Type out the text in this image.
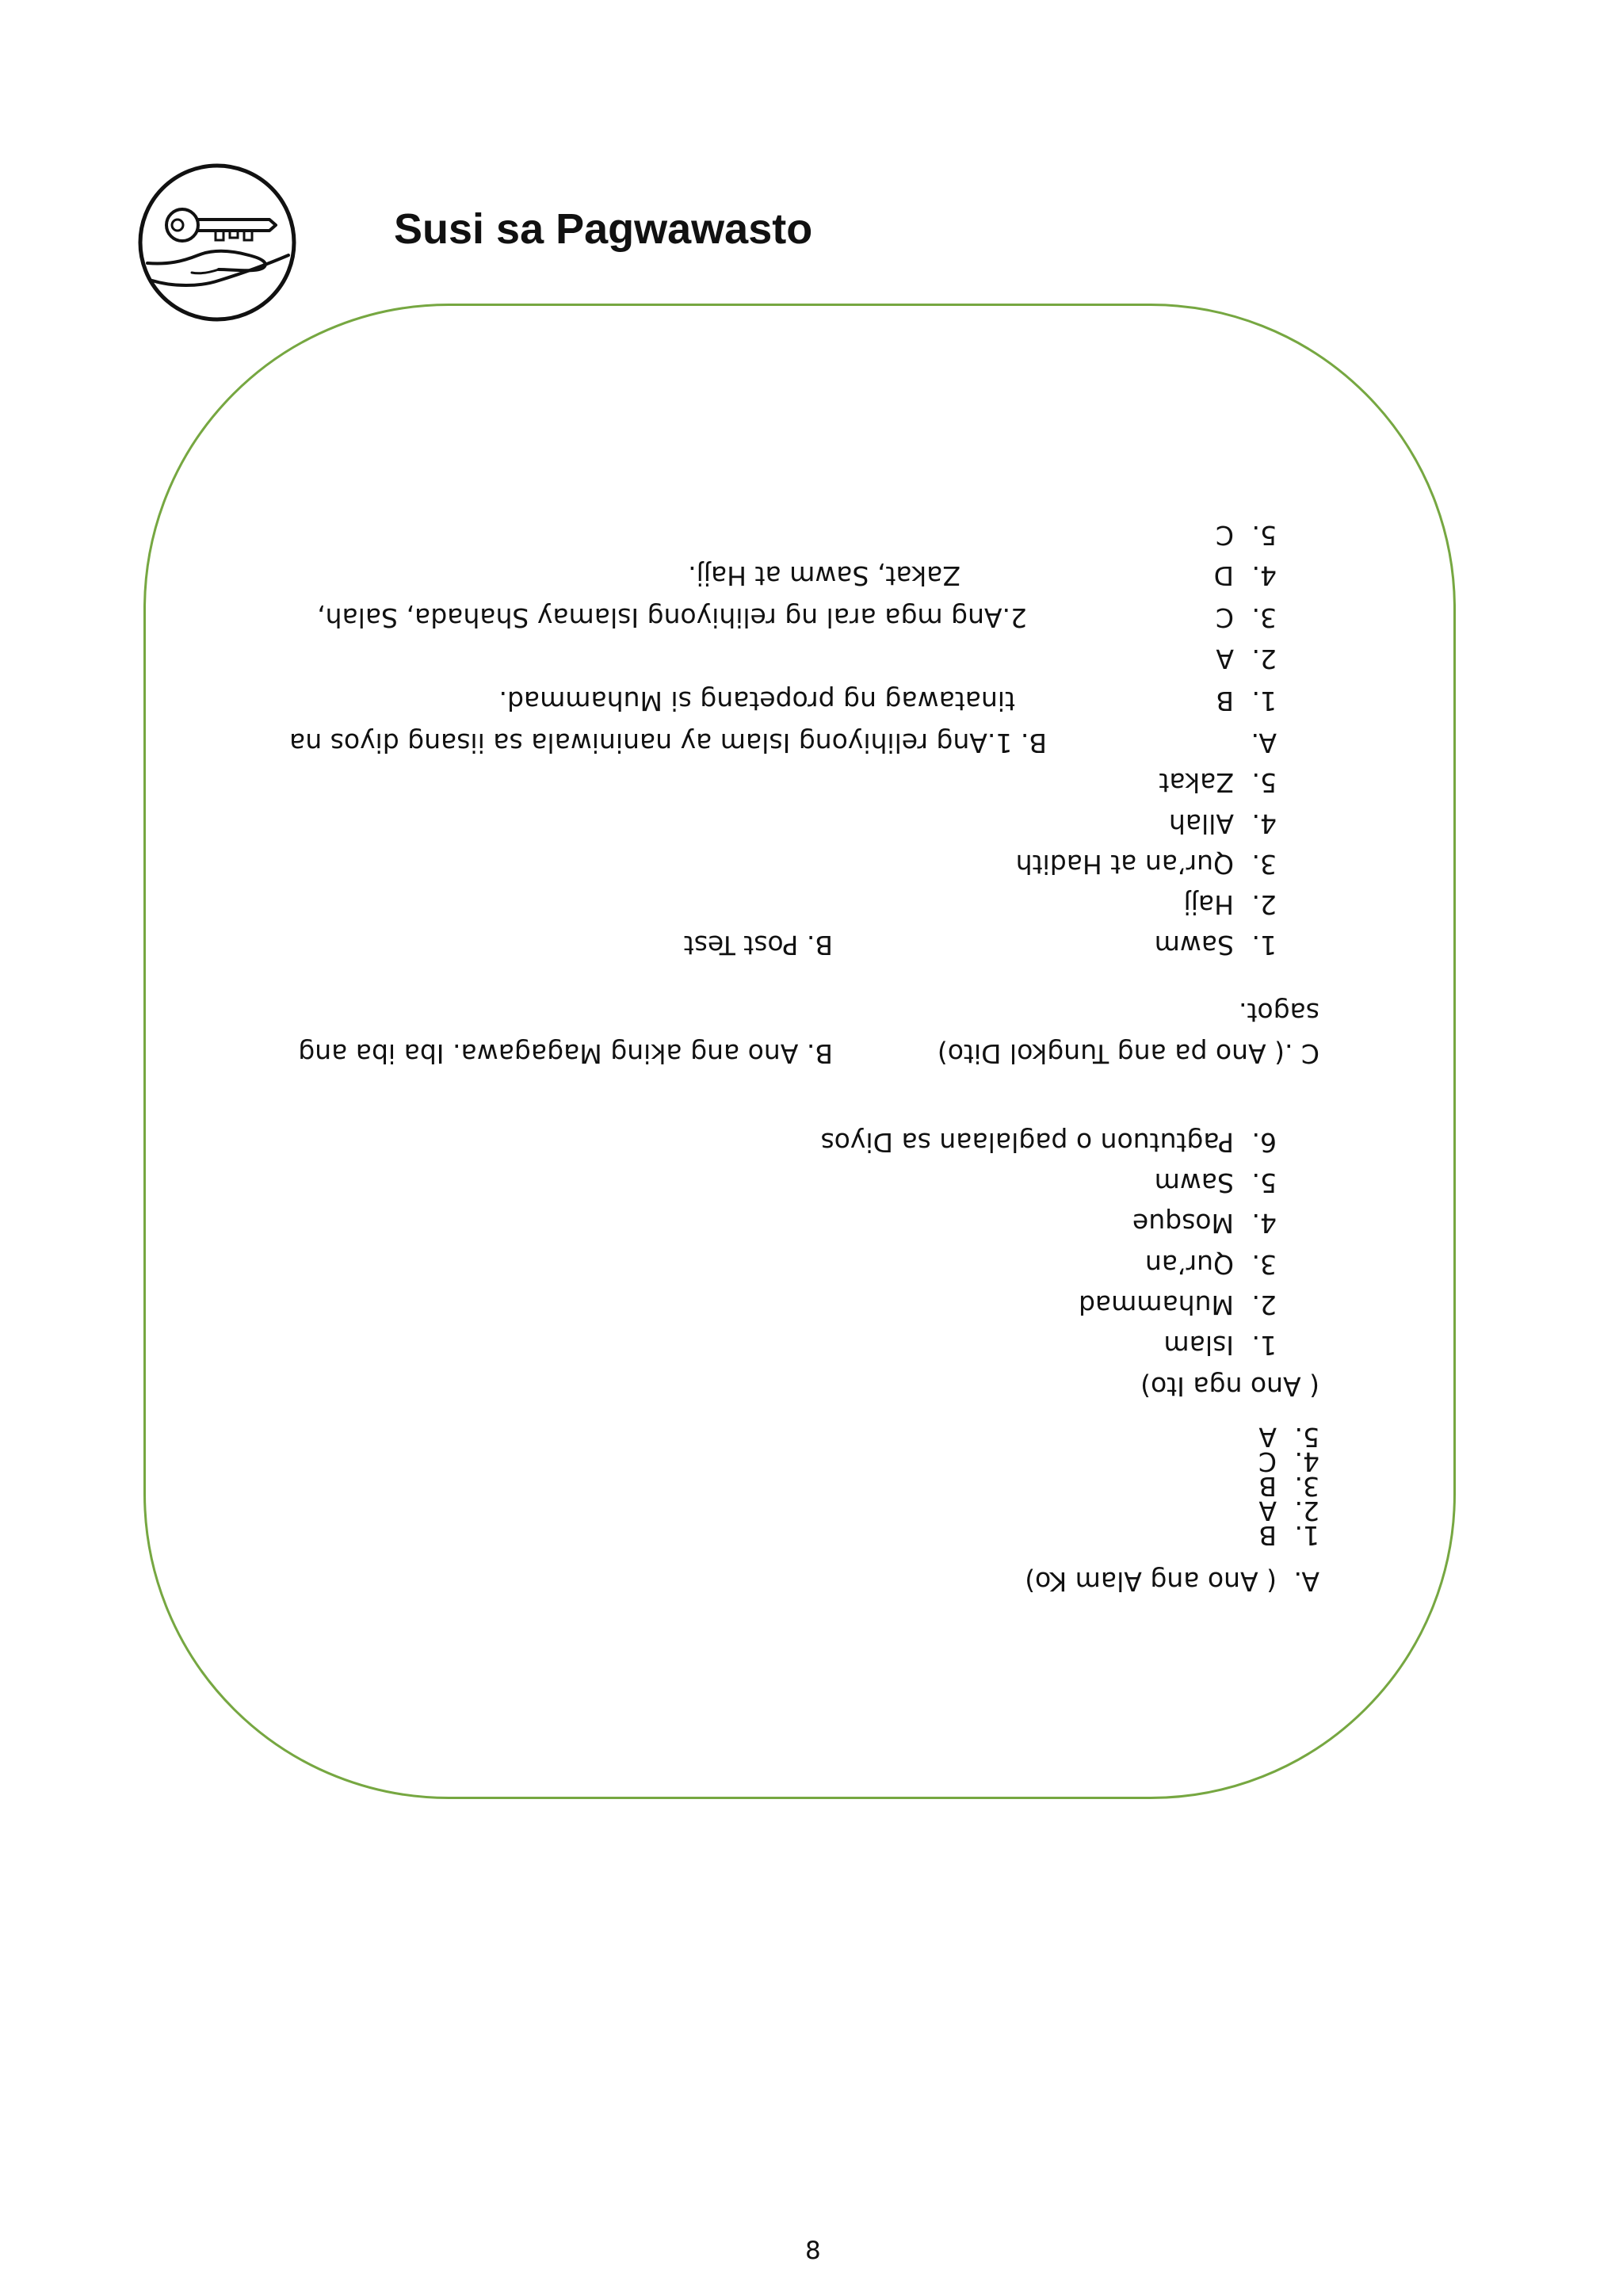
Susi sa Pagwawasto
A.( Ano ang Alam Ko)
1.B
2.A
3.B
4.C
5.A
( Ano nga Ito)
1.Islam
2.Muhammad
3.Qur’an
4.Mosque
5.Sawm
6.Pagtutuon o paglalaan sa Diyos
C .( Ano pa ang Tungkol Dito)
B. Ano ang aking Magagawa. Iba iba ang
sagot.
1.Sawm
B. Post Test
2.Hajj
3.Qur’an at Hadith
4.Allah
5.Zakat
A.
B. 1.Ang relihiyong Islam ay naniniwala sa iisang diyos na
1.B
tinatawag ng propetang si Muhammad.
2.A
3.C
2.Ang mga aral ng relihiyong Islamay Shahada, Salah,
4.D
Zakat, Sawm at Hajj.
5.C
8
